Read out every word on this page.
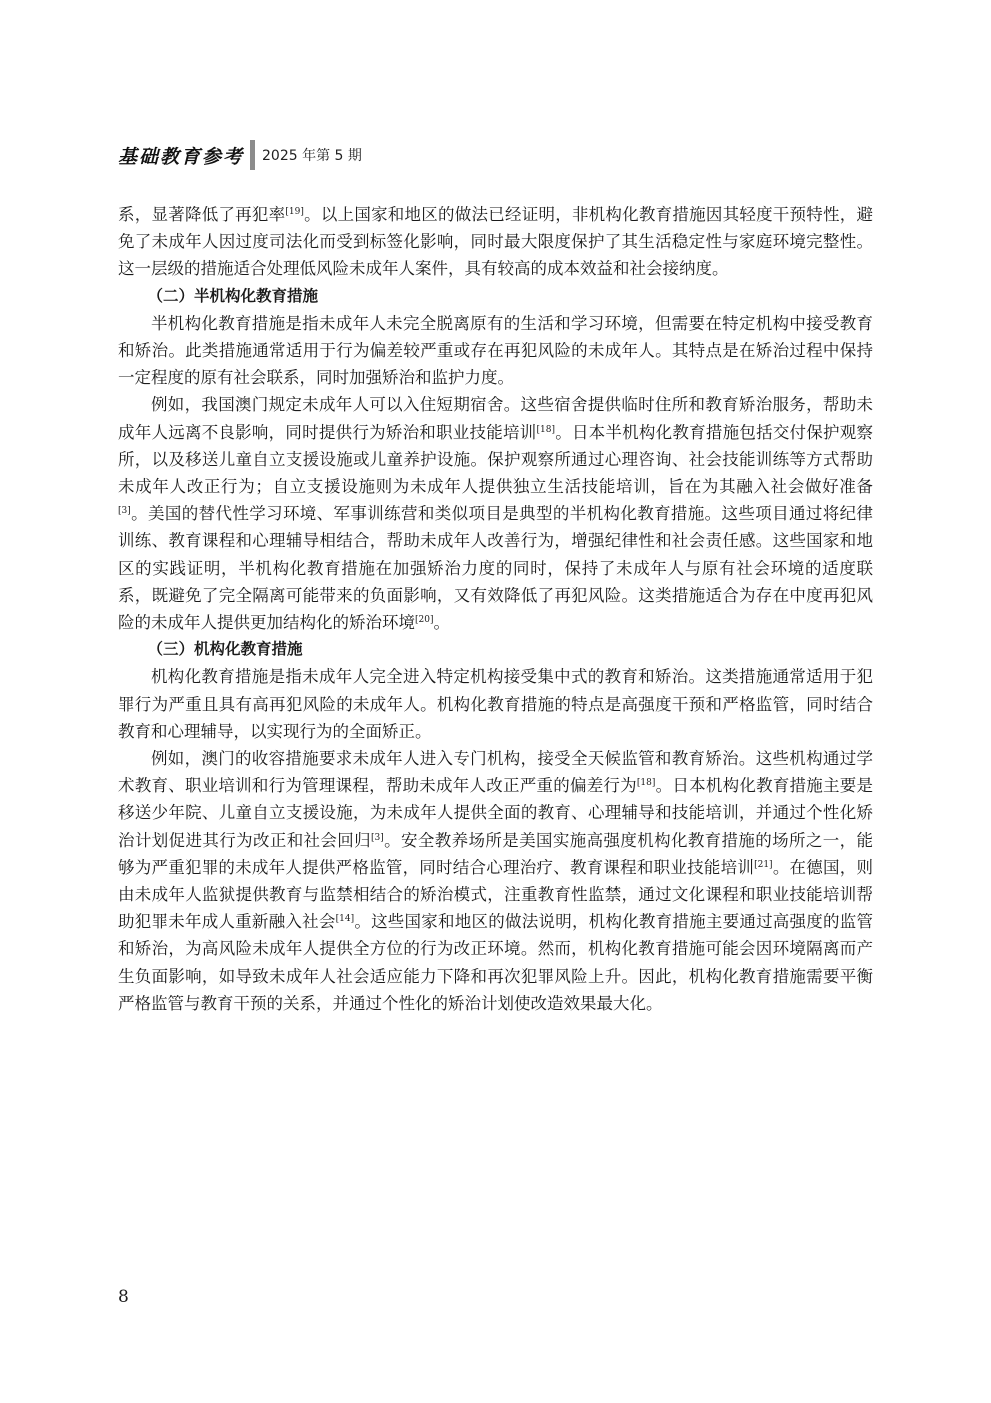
基础教育参考 2025 年第 5 期

系，显著降低了再犯率[19]。以上国家和地区的做法已经证明，非机构化教育措施因其轻度干预特性，避免了未成年人因过度司法化而受到标签化影响，同时最大限度保护了其生活稳定性与家庭环境完整性。这一层级的措施适合处理低风险未成年人案件，具有较高的成本效益和社会接纳度。

（二）半机构化教育措施

半机构化教育措施是指未成年人未完全脱离原有的生活和学习环境，但需要在特定机构中接受教育和矫治。此类措施通常适用于行为偏差较严重或存在再犯风险的未成年人。其特点是在矫治过程中保持一定程度的原有社会联系，同时加强矫治和监护力度。

例如，我国澳门规定未成年人可以入住短期宿舍。这些宿舍提供临时住所和教育矫治服务，帮助未成年人远离不良影响，同时提供行为矫治和职业技能培训[18]。日本半机构化教育措施包括交付保护观察所，以及移送儿童自立支援设施或儿童养护设施。保护观察所通过心理咨询、社会技能训练等方式帮助未成年人改正行为；自立支援设施则为未成年人提供独立生活技能培训，旨在为其融入社会做好准备[3]。美国的替代性学习环境、军事训练营和类似项目是典型的半机构化教育措施。这些项目通过将纪律训练、教育课程和心理辅导相结合，帮助未成年人改善行为，增强纪律性和社会责任感。这些国家和地区的实践证明，半机构化教育措施在加强矫治力度的同时，保持了未成年人与原有社会环境的适度联系，既避免了完全隔离可能带来的负面影响，又有效降低了再犯风险。这类措施适合为存在中度再犯风险的未成年人提供更加结构化的矫治环境[20]。

（三）机构化教育措施

机构化教育措施是指未成年人完全进入特定机构接受集中式的教育和矫治。这类措施通常适用于犯罪行为严重且具有高再犯风险的未成年人。机构化教育措施的特点是高强度干预和严格监管，同时结合教育和心理辅导，以实现行为的全面矫正。

例如，澳门的收容措施要求未成年人进入专门机构，接受全天候监管和教育矫治。这些机构通过学术教育、职业培训和行为管理课程，帮助未成年人改正严重的偏差行为[18]。日本机构化教育措施主要是移送少年院、儿童自立支援设施，为未成年人提供全面的教育、心理辅导和技能培训，并通过个性化矫治计划促进其行为改正和社会回归[3]。安全教养场所是美国实施高强度机构化教育措施的场所之一，能够为严重犯罪的未成年人提供严格监管，同时结合心理治疗、教育课程和职业技能培训[21]。在德国，则由未成年人监狱提供教育与监禁相结合的矫治模式，注重教育性监禁，通过文化课程和职业技能培训帮助犯罪未年成人重新融入社会[14]。这些国家和地区的做法说明，机构化教育措施主要通过高强度的监管和矫治，为高风险未成年人提供全方位的行为改正环境。然而，机构化教育措施可能会因环境隔离而产生负面影响，如导致未成年人社会适应能力下降和再次犯罪风险上升。因此，机构化教育措施需要平衡严格监管与教育干预的关系，并通过个性化的矫治计划使改造效果最大化。

8
